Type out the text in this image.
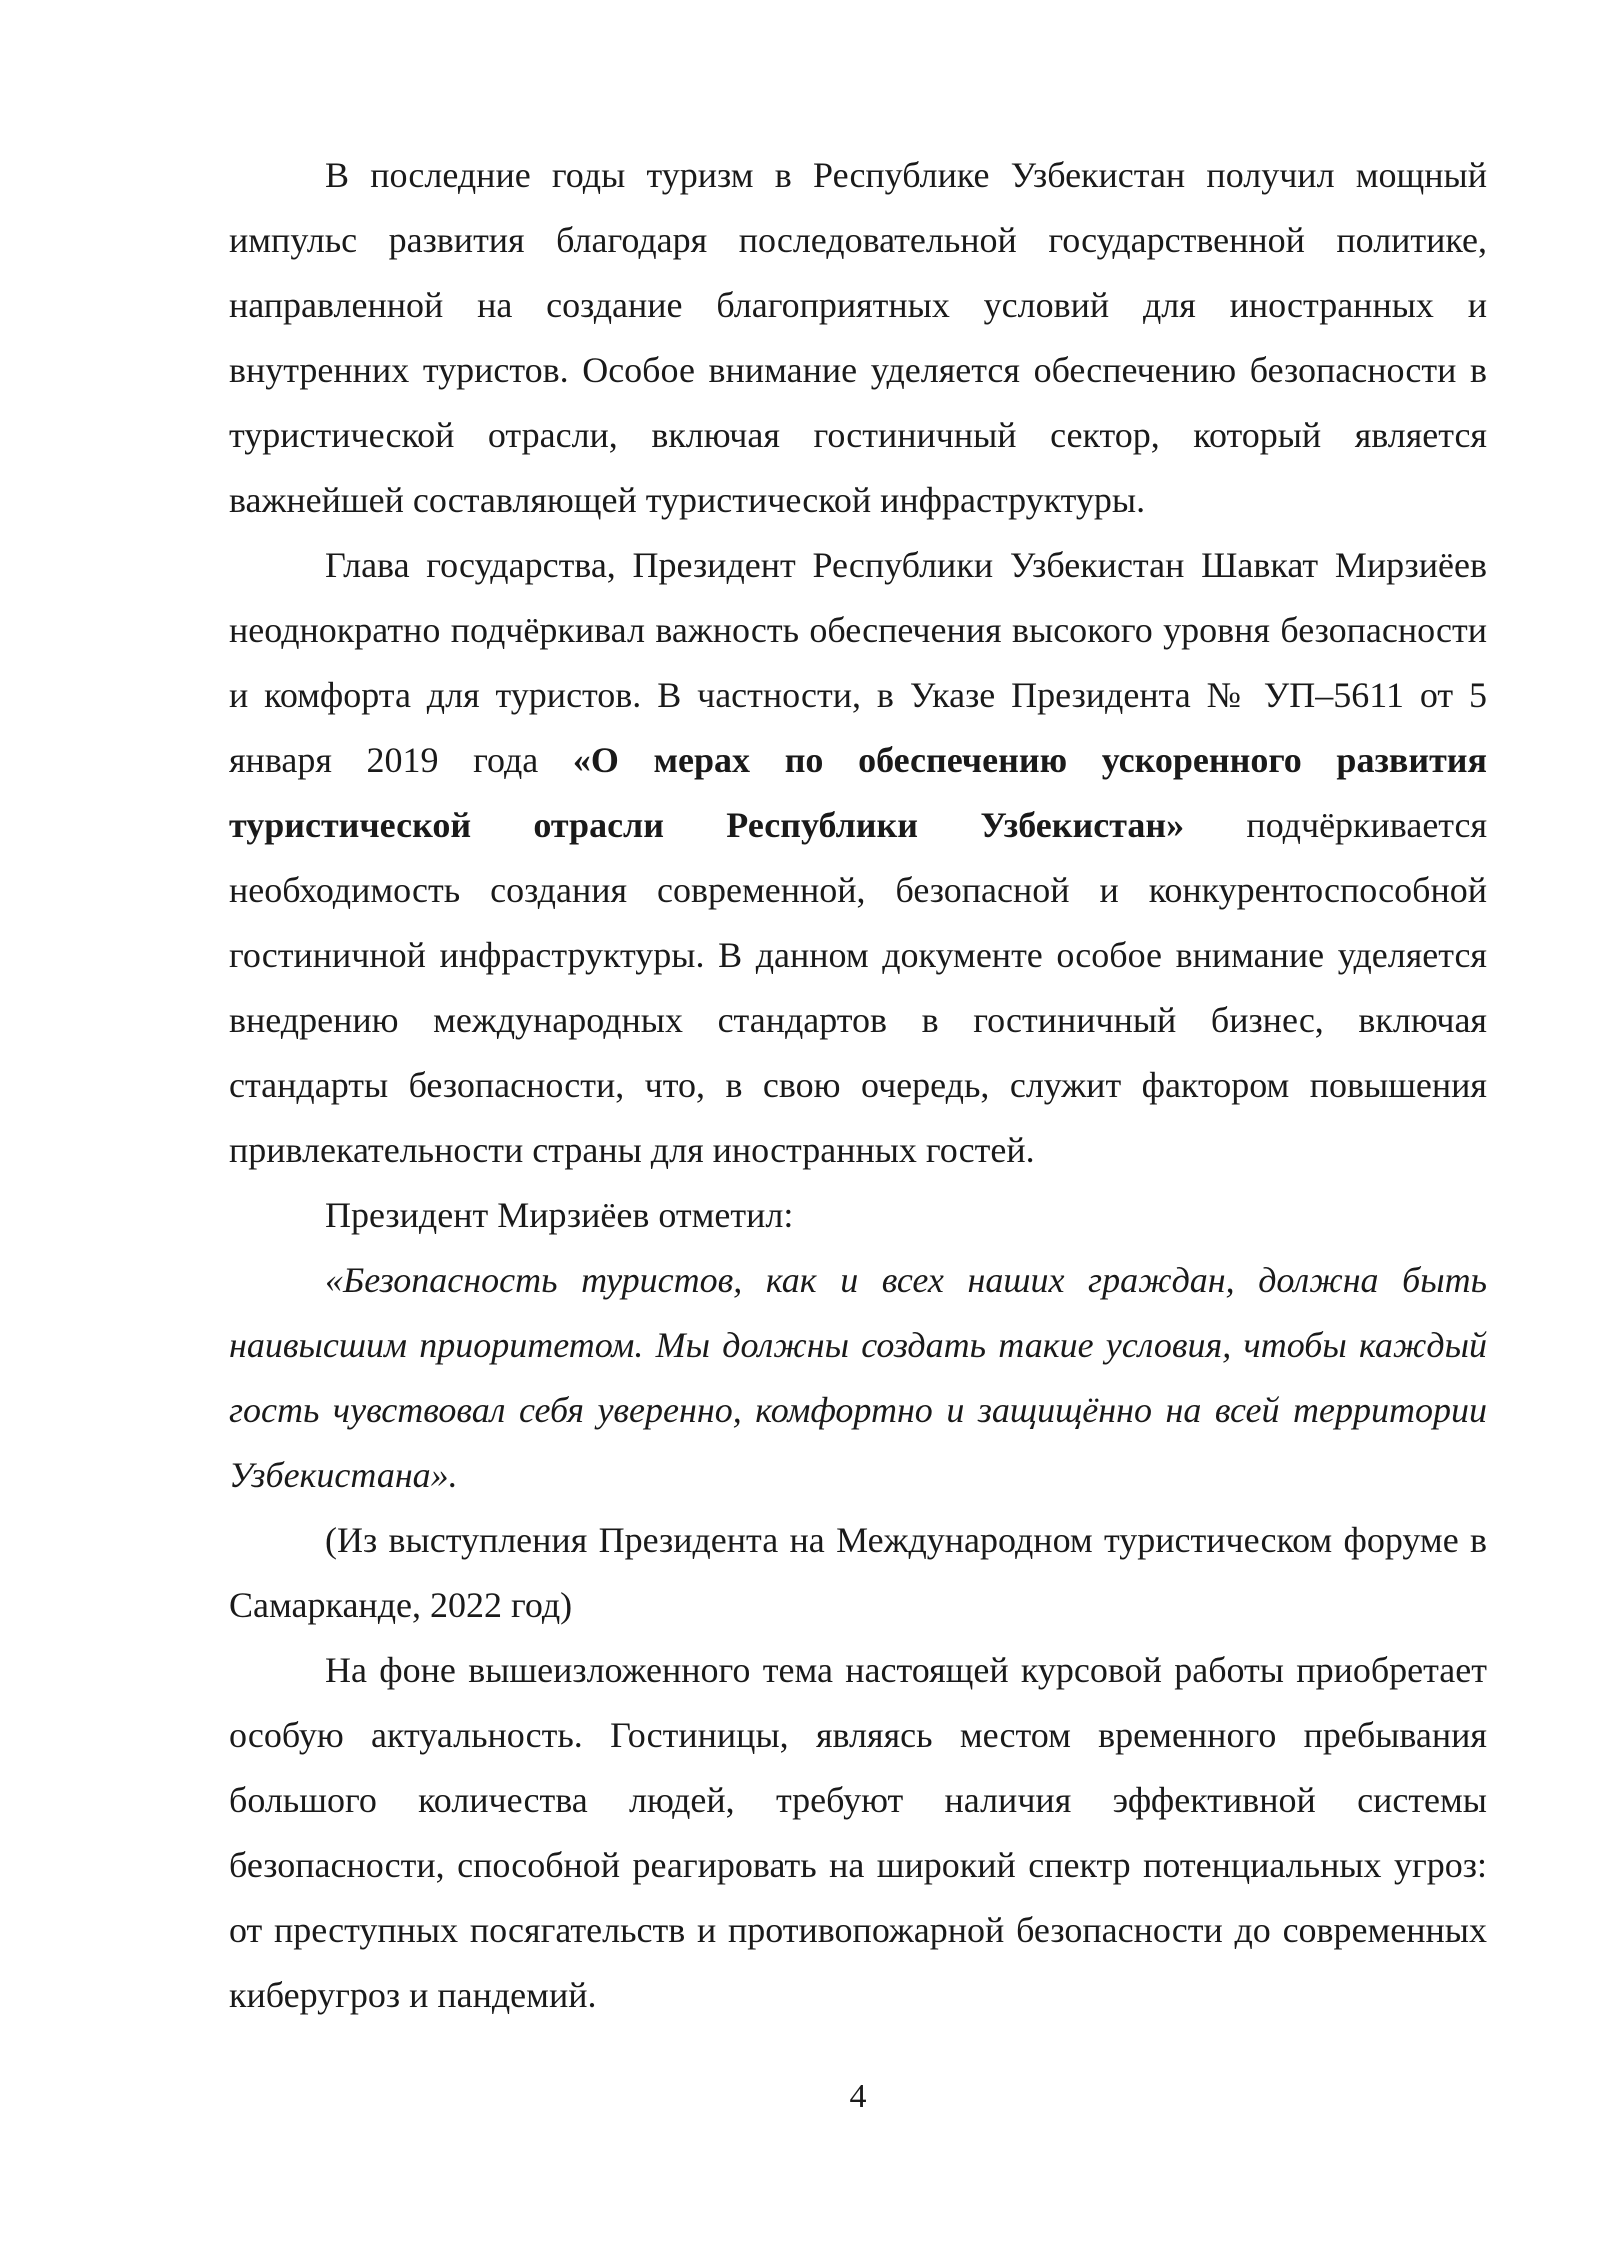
В последние годы туризм в Республике Узбекистан получил мощный импульс развития благодаря последовательной государственной политике, направленной на создание благоприятных условий для иностранных и внутренних туристов. Особое внимание уделяется обеспечению безопасности в туристической отрасли, включая гостиничный сектор, который является важнейшей составляющей туристической инфраструктуры.

Глава государства, Президент Республики Узбекистан Шавкат Мирзиёев неоднократно подчёркивал важность обеспечения высокого уровня безопасности и комфорта для туристов. В частности, в Указе Президента № УП–5611 от 5 января 2019 года «О мерах по обеспечению ускоренного развития туристической отрасли Республики Узбекистан» подчёркивается необходимость создания современной, безопасной и конкурентоспособной гостиничной инфраструктуры. В данном документе особое внимание уделяется внедрению международных стандартов в гостиничный бизнес, включая стандарты безопасности, что, в свою очередь, служит фактором повышения привлекательности страны для иностранных гостей.

Президент Мирзиёев отметил:

«Безопасность туристов, как и всех наших граждан, должна быть наивысшим приоритетом. Мы должны создать такие условия, чтобы каждый гость чувствовал себя уверенно, комфортно и защищённо на всей территории Узбекистана».

(Из выступления Президента на Международном туристическом форуме в Самарканде, 2022 год)

На фоне вышеизложенного тема настоящей курсовой работы приобретает особую актуальность. Гостиницы, являясь местом временного пребывания большого количества людей, требуют наличия эффективной системы безопасности, способной реагировать на широкий спектр потенциальных угроз: от преступных посягательств и противопожарной безопасности до современных киберугроз и пандемий.

4
